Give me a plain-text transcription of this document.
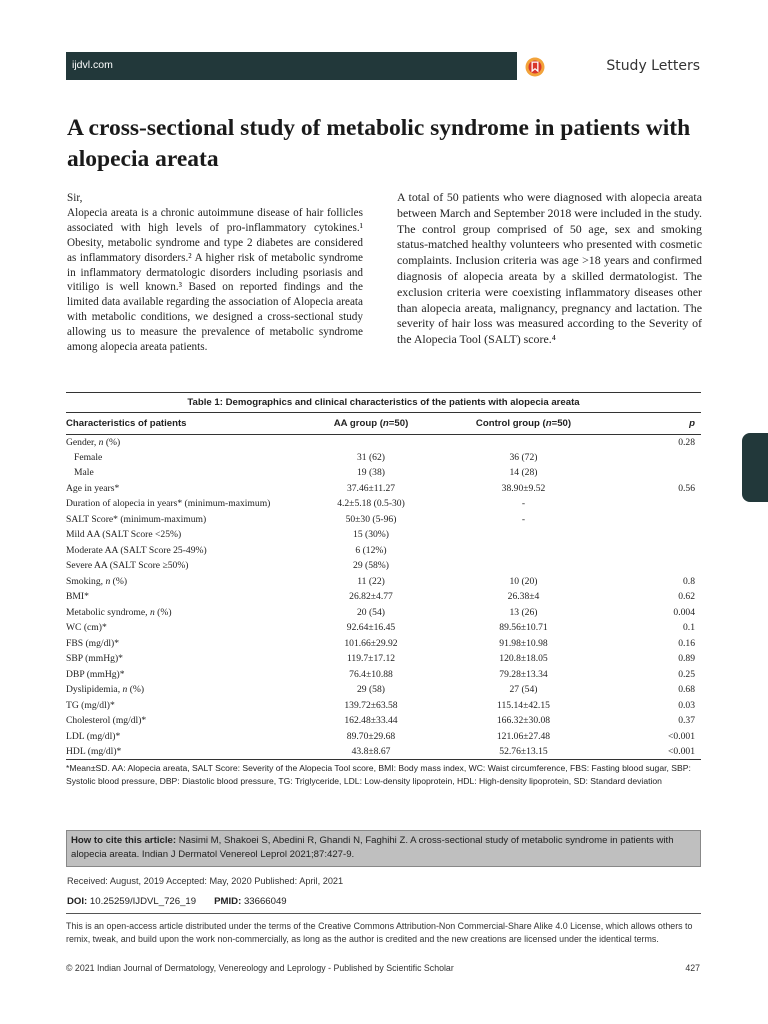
ijdvl.com	Study Letters
A cross-sectional study of metabolic syndrome in patients with alopecia areata

Sir,

Alopecia areata is a chronic autoimmune disease of hair follicles associated with high levels of pro-inflammatory cytokines.¹ Obesity, metabolic syndrome and type 2 diabetes are considered as inflammatory disorders.² A higher risk of metabolic syndrome in inflammatory dermatologic disorders including psoriasis and vitiligo is well known.³ Based on reported findings and the limited data available regarding the association of Alopecia areata with metabolic conditions, we designed a cross-sectional study allowing us to measure the prevalence of metabolic syndrome among alopecia areata patients.

A total of 50 patients who were diagnosed with alopecia areata between March and September 2018 were included in the study. The control group comprised of 50 age, sex and smoking status-matched healthy volunteers who presented with cosmetic complaints. Inclusion criteria was age >18 years and confirmed diagnosis of alopecia areata by a skilled dermatologist. The exclusion criteria were coexisting inflammatory diseases other than alopecia areata, malignancy, pregnancy and lactation. The severity of hair loss was measured according to the Severity of the Alopecia Tool (SALT) score.⁴

Table 1: Demographics and clinical characteristics of the patients with alopecia areata
Characteristics of patients	AA group (n=50)	Control group (n=50)	p
Gender, n (%)			0.28
Female	31 (62)	36 (72)	
Male	19 (38)	14 (28)	
Age in years*	37.46±11.27	38.90±9.52	0.56
Duration of alopecia in years* (minimum-maximum)	4.2±5.18 (0.5-30)	-	
SALT Score* (minimum-maximum)	50±30 (5-96)	-	
Mild AA (SALT Score <25%)	15 (30%)		
Moderate AA (SALT Score 25-49%)	6 (12%)		
Severe AA (SALT Score ≥50%)	29 (58%)		
Smoking, n (%)	11 (22)	10 (20)	0.8
BMI*	26.82±4.77	26.38±4	0.62
Metabolic syndrome, n (%)	20 (54)	13 (26)	0.004
WC (cm)*	92.64±16.45	89.56±10.71	0.1
FBS (mg/dl)*	101.66±29.92	91.98±10.98	0.16
SBP (mmHg)*	119.7±17.12	120.8±18.05	0.89
DBP (mmHg)*	76.4±10.88	79.28±13.34	0.25
Dyslipidemia, n (%)	29 (58)	27 (54)	0.68
TG (mg/dl)*	139.72±63.58	115.14±42.15	0.03
Cholesterol (mg/dl)*	162.48±33.44	166.32±30.08	0.37
LDL (mg/dl)*	89.70±29.68	121.06±27.48	<0.001
HDL (mg/dl)*	43.8±8.67	52.76±13.15	<0.001
*Mean±SD. AA: Alopecia areata, SALT Score: Severity of the Alopecia Tool score, BMI: Body mass index, WC: Waist circumference, FBS: Fasting blood sugar, SBP: Systolic blood pressure, DBP: Diastolic blood pressure, TG: Triglyceride, LDL: Low-density lipoprotein, HDL: High-density lipoprotein, SD: Standard deviation
How to cite this article: Nasimi M, Shakoei S, Abedini R, Ghandi N, Faghihi Z. A cross-sectional study of metabolic syndrome in patients with alopecia areata. Indian J Dermatol Venereol Leprol 2021;87:427-9.
Received: August, 2019 Accepted: May, 2020 Published: April, 2021
DOI: 10.25259/IJDVL_726_19 PMID: 33666049
This is an open-access article distributed under the terms of the Creative Commons Attribution-Non Commercial-Share Alike 4.0 License, which allows others to remix, tweak, and build upon the work non-commercially, as long as the author is credited and the new creations are licensed under the identical terms.
© 2021 Indian Journal of Dermatology, Venereology and Leprology - Published by Scientific Scholar	427
